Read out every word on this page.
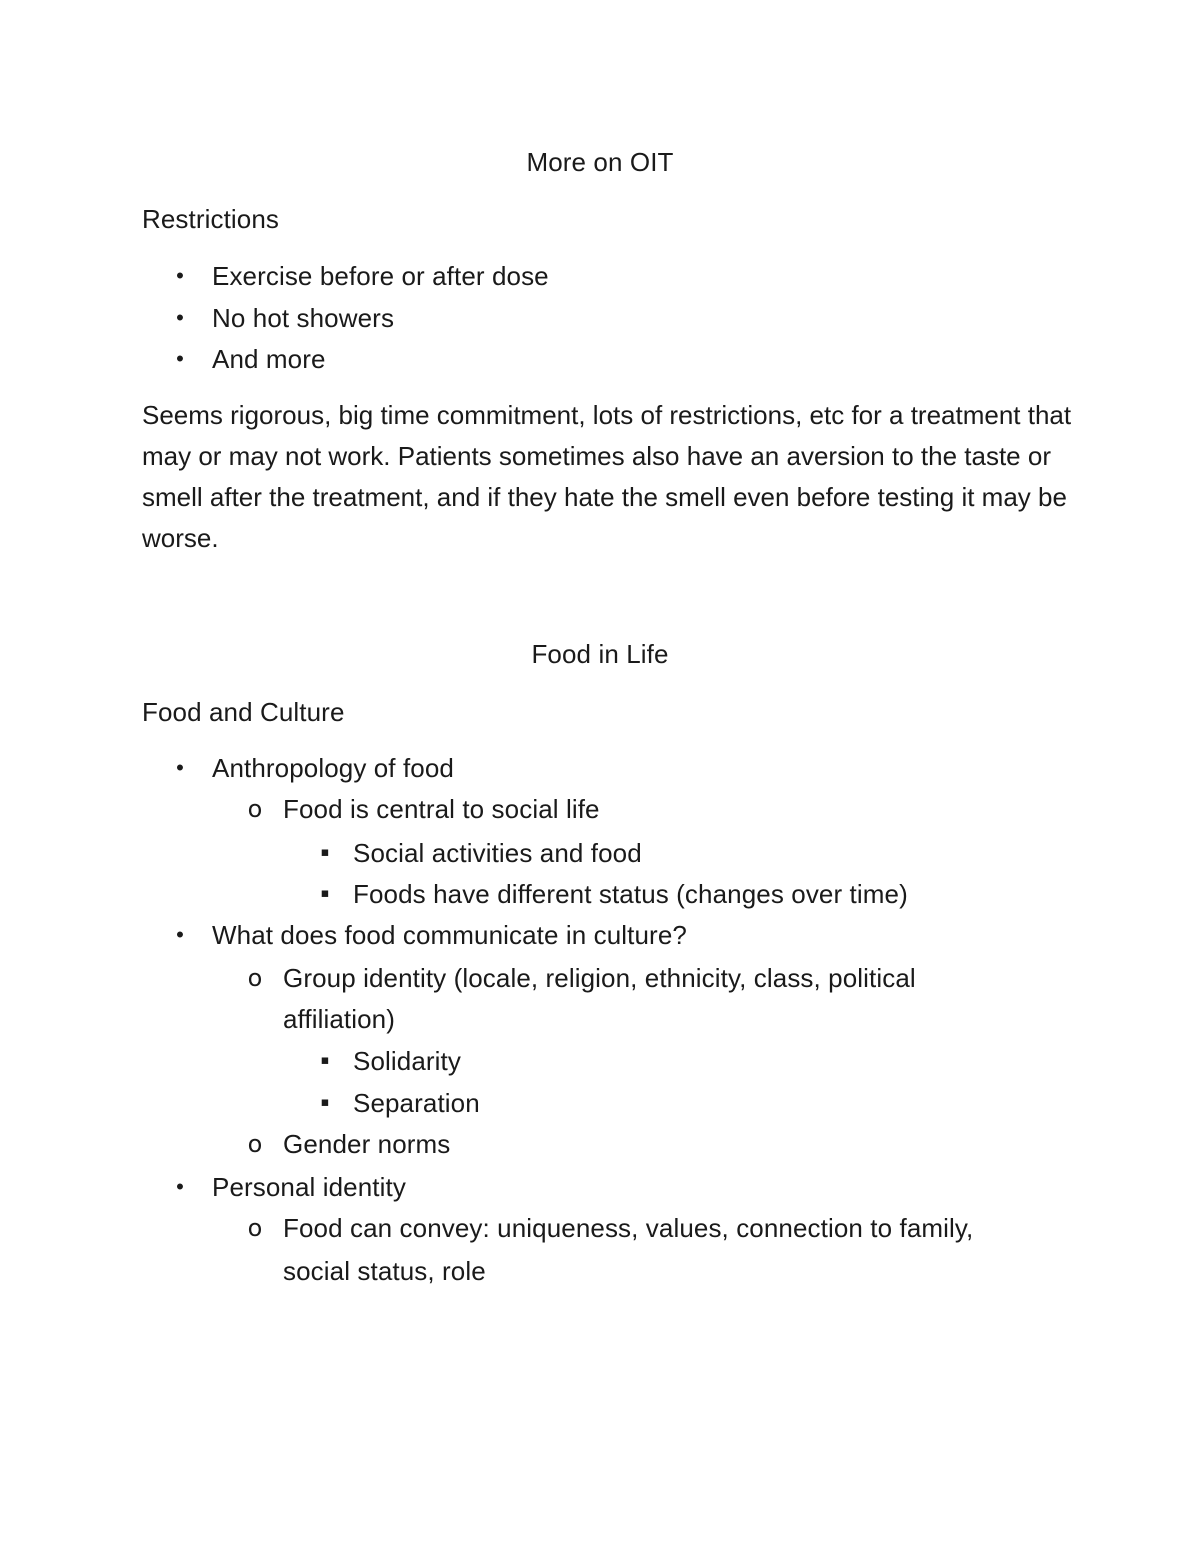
More on OIT
Restrictions
• Exercise before or after dose
• No hot showers
• And more
Seems rigorous, big time commitment, lots of restrictions, etc for a treatment that may or may not work. Patients sometimes also have an aversion to the taste or smell after the treatment, and if they hate the smell even before testing it may be worse.
Food in Life
Food and Culture
• Anthropology of food
o Food is central to social life
▪ Social activities and food
▪ Foods have different status (changes over time)
• What does food communicate in culture?
o Group identity (locale, religion, ethnicity, class, political
affiliation)
▪ Solidarity
▪ Separation
o Gender norms
• Personal identity
o Food can convey: uniqueness, values, connection to family,
social status, role
